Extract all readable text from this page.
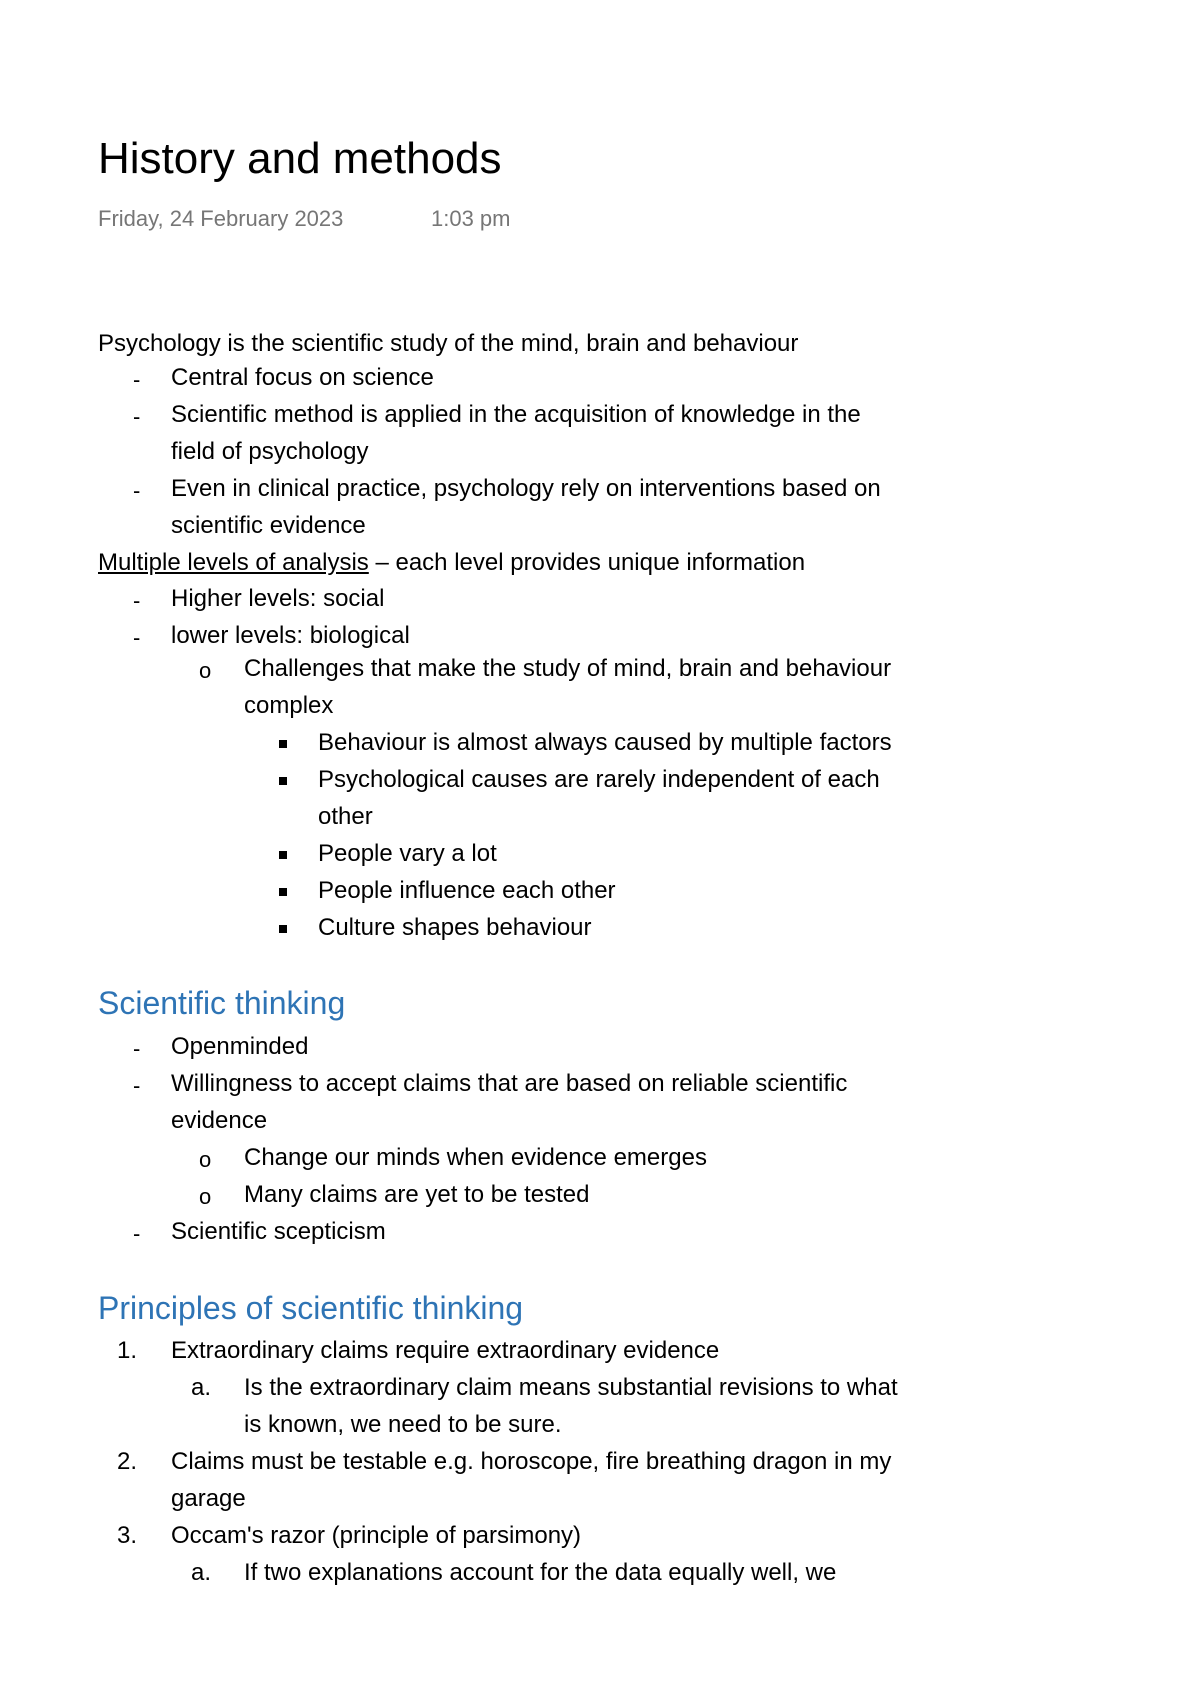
History and methods
Friday, 24 February 2023	1:03 pm
Psychology is the scientific study of the mind, brain and behaviour
- Central focus on science
- Scientific method is applied in the acquisition of knowledge in the
field of psychology
- Even in clinical practice, psychology rely on interventions based on
scientific evidence
Multiple levels of analysis – each level provides unique information
- Higher levels: social
- lower levels: biological
o Challenges that make the study of mind, brain and behaviour
complex
Behaviour is almost always caused by multiple factors
Psychological causes are rarely independent of each
other
People vary a lot
People influence each other
Culture shapes behaviour
Scientific thinking
- Openminded
- Willingness to accept claims that are based on reliable scientific
evidence
o Change our minds when evidence emerges
o Many claims are yet to be tested
- Scientific scepticism
Principles of scientific thinking
1. Extraordinary claims require extraordinary evidence
a. Is the extraordinary claim means substantial revisions to what
is known, we need to be sure.
2. Claims must be testable e.g. horoscope, fire breathing dragon in my
garage
3. Occam's razor (principle of parsimony)
a. If two explanations account for the data equally well, we
